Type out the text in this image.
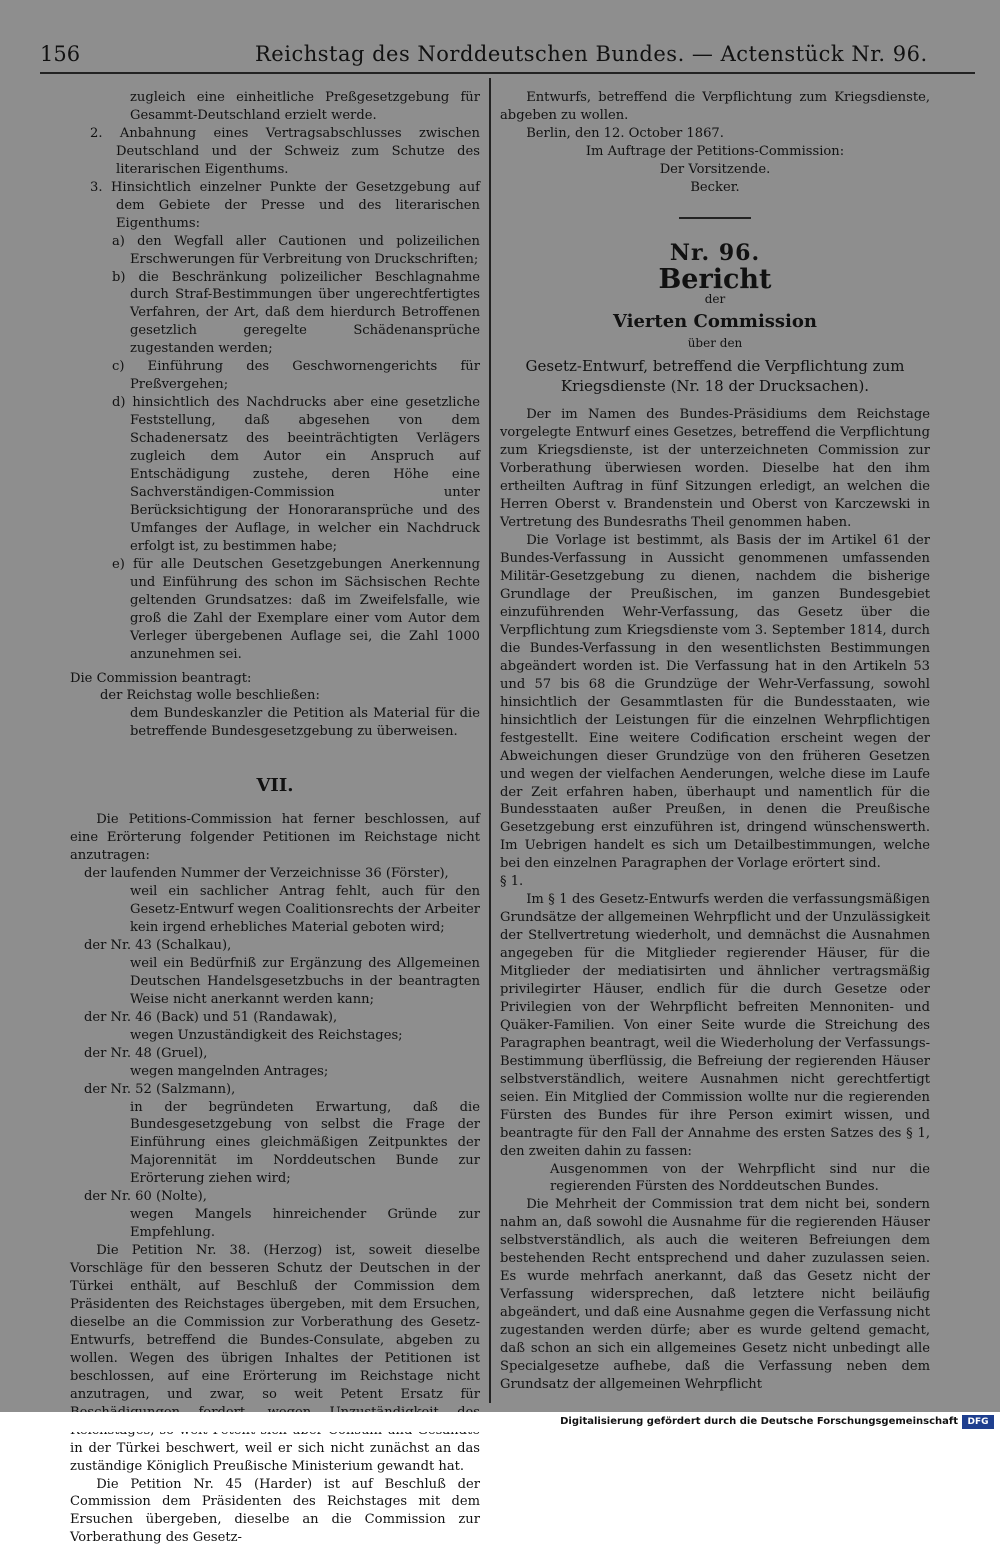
156	Reichstag des Norddeutschen Bundes. — Actenstück Nr. 96.

zugleich eine einheitliche Preßgesetzgebung für Gesammt-Deutschland erzielt werde.

2. Anbahnung eines Vertragsabschlusses zwischen Deutschland und der Schweiz zum Schutze des literarischen Eigenthums.

3. Hinsichtlich einzelner Punkte der Gesetzgebung auf dem Gebiete der Presse und des literarischen Eigenthums:

a) den Wegfall aller Cautionen und polizeilichen Erschwerungen für Verbreitung von Druckschriften;

b) die Beschränkung polizeilicher Beschlagnahme durch Straf-Bestimmungen über ungerechtfertigtes Verfahren, der Art, daß dem hierdurch Betroffenen gesetzlich geregelte Schädenansprüche zugestanden werden;

c) Einführung des Geschwornengerichts für Preßvergehen;

d) hinsichtlich des Nachdrucks aber eine gesetzliche Feststellung, daß abgesehen von dem Schadenersatz des beeinträchtigten Verlägers zugleich dem Autor ein Anspruch auf Entschädigung zustehe, deren Höhe eine Sachverständigen-Commission unter Berücksichtigung der Honoraransprüche und des Umfanges der Auflage, in welcher ein Nachdruck erfolgt ist, zu bestimmen habe;

e) für alle Deutschen Gesetzgebungen Anerkennung und Einführung des schon im Sächsischen Rechte geltenden Grundsatzes: daß im Zweifelsfalle, wie groß die Zahl der Exemplare einer vom Autor dem Verleger übergebenen Auflage sei, die Zahl 1000 anzunehmen sei.

Die Commission beantragt:

der Reichstag wolle beschließen:

dem Bundeskanzler die Petition als Material für die betreffende Bundesgesetzgebung zu überweisen.

VII.

Die Petitions-Commission hat ferner beschlossen, auf eine Erörterung folgender Petitionen im Reichstage nicht anzutragen:

der laufenden Nummer der Verzeichnisse 36 (Förster),

weil ein sachlicher Antrag fehlt, auch für den Gesetz-Entwurf wegen Coalitionsrechts der Arbeiter kein irgend erhebliches Material geboten wird;

der Nr. 43 (Schalkau),

weil ein Bedürfniß zur Ergänzung des Allgemeinen Deutschen Handelsgesetzbuchs in der beantragten Weise nicht anerkannt werden kann;

der Nr. 46 (Back) und 51 (Randawak),

wegen Unzuständigkeit des Reichstages;

der Nr. 48 (Gruel),

wegen mangelnden Antrages;

der Nr. 52 (Salzmann),

in der begründeten Erwartung, daß die Bundesgesetzgebung von selbst die Frage der Einführung eines gleichmäßigen Zeitpunktes der Majorennität im Norddeutschen Bunde zur Erörterung ziehen wird;

der Nr. 60 (Nolte),

wegen Mangels hinreichender Gründe zur Empfehlung.

Die Petition Nr. 38. (Herzog) ist, soweit dieselbe Vorschläge für den besseren Schutz der Deutschen in der Türkei enthält, auf Beschluß der Commission dem Präsidenten des Reichstages übergeben, mit dem Ersuchen, dieselbe an die Commission zur Vorberathung des Gesetz-Entwurfs, betreffend die Bundes-Consulate, abgeben zu wollen. Wegen des übrigen Inhaltes der Petitionen ist beschlossen, auf eine Erörterung im Reichstage nicht anzutragen, und zwar, so weit Petent Ersatz für in der Türkei beschwert, weil er sich nicht zunächst an das zuständige Königlich Preußische Ministerium gewandt hat.

Die Petition Nr. 45 (Harder) ist auf Beschluß der Commission dem Präsidenten des Reichstages mit dem Ersuchen übergeben, dieselbe an die Commission zur Vorberathung des Gesetz-

Entwurfs, betreffend die Verpflichtung zum Kriegsdienste, abgeben zu wollen.

Berlin, den 12. October 1867.

Im Auftrage der Petitions-Commission:

Der Vorsitzende.

Becker.

Nr. 96.
Bericht
der
Vierten Commission
über den
Gesetz-Entwurf, betreffend die Verpflichtung zum Kriegsdienste (Nr. 18 der Drucksachen).

Der im Namen des Bundes-Präsidiums dem Reichstage vorgelegte Entwurf eines Gesetzes, betreffend die Verpflichtung zum Kriegsdienste, ist der unterzeichneten Commission zur Vorberathung überwiesen worden. Dieselbe hat den ihm ertheilten Auftrag in fünf Sitzungen erledigt, an welchen die Herren Oberst v. Brandenstein und Oberst von Karczewski in Vertretung des Bundesraths Theil genommen haben.

Die Vorlage ist bestimmt, als Basis der im Artikel 61 der Bundes-Verfassung in Aussicht genommenen umfassenden Militär-Gesetzgebung zu dienen, nachdem die bisherige Grundlage der Preußischen, im ganzen Bundesgebiet einzuführenden Wehr-Verfassung, das Gesetz über die Verpflichtung zum Kriegsdienste vom 3. September 1814, durch die Bundes-Verfassung in den wesentlichsten Bestimmungen abgeändert worden ist. Die Verfassung hat in den Artikeln 53 und 57 bis 68 die Grundzüge der Wehr-Verfassung, sowohl hinsichtlich der Gesammtlasten für die Bundesstaaten, wie hinsichtlich der Leistungen für die einzelnen Wehrpflichtigen festgestellt. Eine weitere Codification erscheint wegen der Abweichungen dieser Grundzüge von den früheren Gesetzen und wegen der vielfachen Aenderungen, welche diese im Laufe der Zeit erfahren haben, überhaupt und namentlich für die Bundesstaaten außer Preußen, in denen die Preußische Gesetzgebung erst einzuführen ist, dringend wünschenswerth. Im Uebrigen handelt es sich um Detailbestimmungen, welche bei den einzelnen Paragraphen der Vorlage erörtert sind.

§ 1.

Im § 1 des Gesetz-Entwurfs werden die verfassungsmäßigen Grundsätze der allgemeinen Wehrpflicht und der Unzulässigkeit der Stellvertretung wiederholt, und demnächst die Ausnahmen angegeben für die Mitglieder regierender Häuser, für die Mitglieder der mediatisirten und ähnlicher vertragsmäßig privilegirter Häuser, endlich für die durch Gesetze oder Privilegien von der Wehrpflicht befreiten Mennoniten- und Quäker-Familien. Von einer Seite wurde die Streichung des Paragraphen beantragt, weil die Wiederholung der Verfassungs-Bestimmung überflüssig, die Befreiung der regierenden Häuser selbstverständlich, weitere Ausnahmen nicht gerechtfertigt seien. Ein Mitglied der Commission wollte nur die regierenden Fürsten des Bundes für ihre Person eximirt wissen, und beantragte für den Fall der Annahme des ersten Satzes des § 1, den zweiten dahin zu fassen:

Ausgenommen von der Wehrpflicht sind nur die regierenden Fürsten des Norddeutschen Bundes.

Die Mehrheit der Commission trat dem nicht bei, sondern nahm an, daß sowohl die Ausnahme für die regierenden Häuser selbstverständlich, als auch die weiteren Befreiungen dem bestehenden Recht entsprechend und daher zuzulassen seien. Es wurde mehrfach anerkannt, daß das Gesetz nicht der Verfassung widersprechen, daß letztere nicht beiläufig abgeändert, und daß eine Ausnahme gegen die Verfassung nicht zugestanden werden dürfe; aber es wurde geltend gemacht, daß schon an sich ein allgemeines Gesetz nicht unbedingt alle Specialgesetze aufhebe, daß die Verfassung neben dem Grundsatz der allgemeinen Wehrpflicht

Digitalisierung gefördert durch die Deutsche Forschungsgemeinschaft	DFG
